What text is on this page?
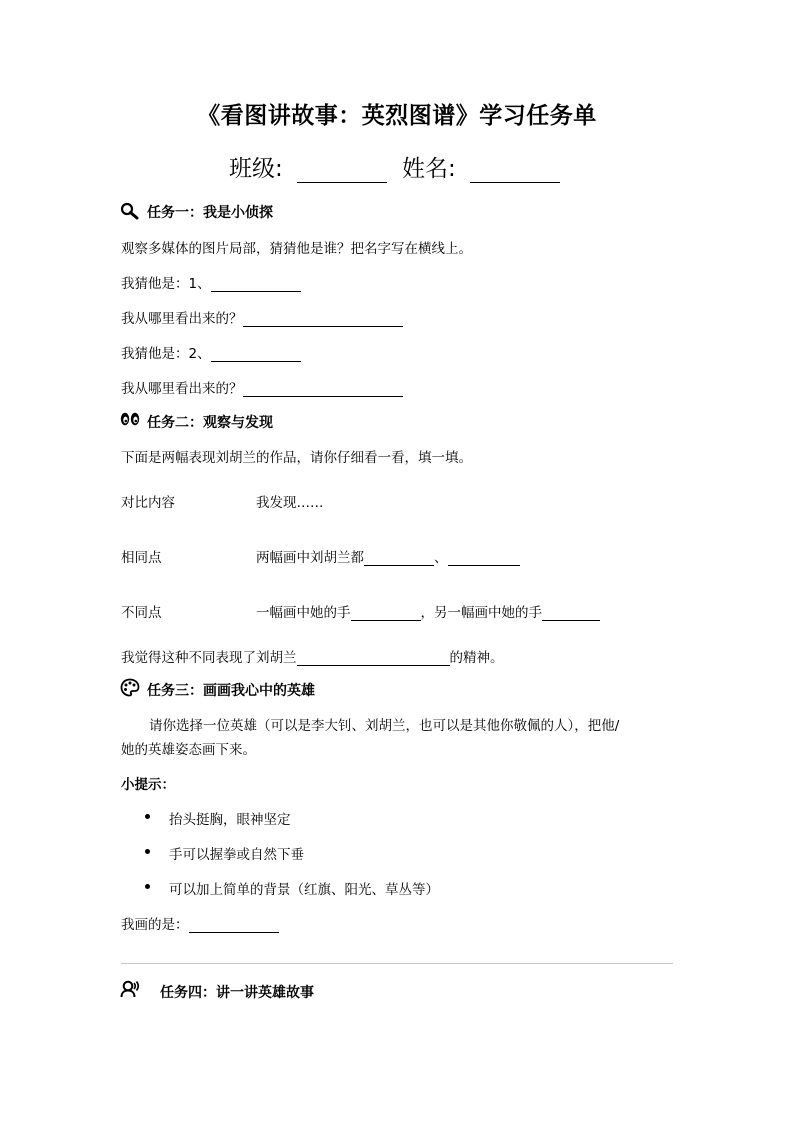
《看图讲故事：英烈图谱》学习任务单
班级:	姓名:
任务一：我是小侦探
观察多媒体的图片局部，猜猜他是谁？把名字写在横线上。
我猜他是：1、
我从哪里看出来的？
我猜他是：2、
我从哪里看出来的？
任务二：观察与发现
下面是两幅表现刘胡兰的作品，请你仔细看一看，填一填。
对比内容	我发现……
相同点	两幅画中刘胡兰都	、
不同点	一幅画中她的手	，另一幅画中她的手
我觉得这种不同表现了刘胡兰	的精神。
任务三：画画我心中的英雄
请你选择一位英雄（可以是李大钊、刘胡兰，也可以是其他你敬佩的人），把他/
她的英雄姿态画下来。
小提示：
抬头挺胸，眼神坚定
手可以握拳或自然下垂
可以加上简单的背景（红旗、阳光、草丛等）
我画的是：
任务四：讲一讲英雄故事
